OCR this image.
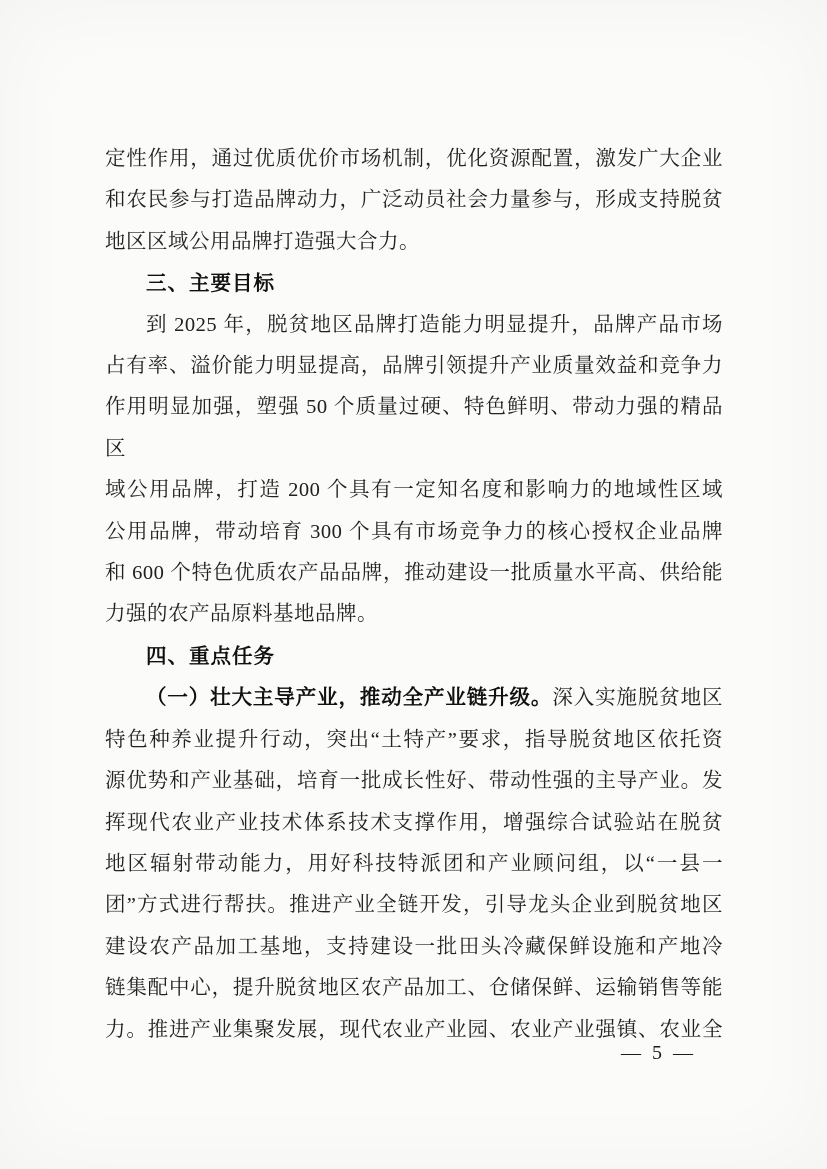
定性作用，通过优质优价市场机制，优化资源配置，激发广大企业
和农民参与打造品牌动力，广泛动员社会力量参与，形成支持脱贫
地区区域公用品牌打造强大合力。
三、主要目标
到 2025 年，脱贫地区品牌打造能力明显提升，品牌产品市场
占有率、溢价能力明显提高，品牌引领提升产业质量效益和竞争力
作用明显加强，塑强 50 个质量过硬、特色鲜明、带动力强的精品区
域公用品牌，打造 200 个具有一定知名度和影响力的地域性区域
公用品牌，带动培育 300 个具有市场竞争力的核心授权企业品牌
和 600 个特色优质农产品品牌，推动建设一批质量水平高、供给能
力强的农产品原料基地品牌。
四、重点任务
（一）壮大主导产业，推动全产业链升级。深入实施脱贫地区
特色种养业提升行动，突出“土特产”要求，指导脱贫地区依托资
源优势和产业基础，培育一批成长性好、带动性强的主导产业。发
挥现代农业产业技术体系技术支撑作用，增强综合试验站在脱贫
地区辐射带动能力，用好科技特派团和产业顾问组，以“一县一
团”方式进行帮扶。推进产业全链开发，引导龙头企业到脱贫地区
建设农产品加工基地，支持建设一批田头冷藏保鲜设施和产地冷
链集配中心，提升脱贫地区农产品加工、仓储保鲜、运输销售等能
力。推进产业集聚发展，现代农业产业园、农业产业强镇、农业全
— 5 —
